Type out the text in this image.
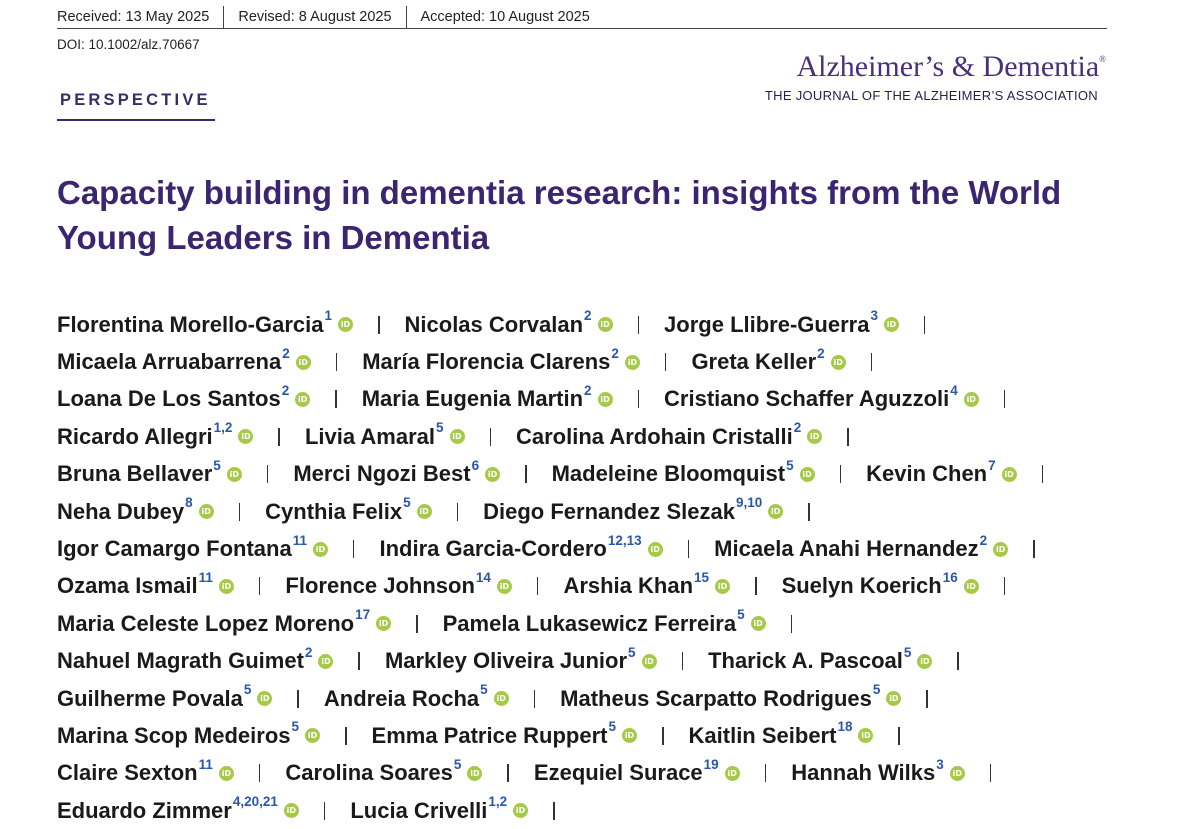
Received: 13 May 2025	Revised: 8 August 2025	Accepted: 10 August 2025
DOI: 10.1002/alz.70667
PERSPECTIVE
Alzheimer’s & Dementia®
THE JOURNAL OF THE ALZHEIMER’S ASSOCIATION
Capacity building in dementia research: insights from the World Young Leaders in Dementia
Florentina Morello-Garcia$^1$
iD Nicolas Corvalan$^2$
iD Jorge Llibre-Guerra$^3$
iD
Micaela Arruabarrena$^2$
iD María Florencia Clarens$^2$
iD Greta Keller$^2$
iD
Loana De Los Santos$^2$
iD Maria Eugenia Martin$^2$
iD Cristiano Schaffer Aguzzoli$^4$
iD
Ricardo Allegri$^{1,2}$
iD Livia Amaral$^5$
iD Carolina Ardohain Cristalli$^2$
iD
Bruna Bellaver$^5$
iD Merci Ngozi Best$^6$
iD Madeleine Bloomquist$^5$
iD Kevin Chen$^7$
iD
Neha Dubey$^8$
iD Cynthia Felix$^5$
iD Diego Fernandez Slezak$^{9,10}$
iD
Igor Camargo Fontana$^{11}$
iD Indira Garcia-Cordero$^{12,13}$
iD Micaela Anahi Hernandez$^2$
iD
Ozama Ismail$^{11}$
iD Florence Johnson$^{14}$
iD Arshia Khan$^{15}$
iD Suelyn Koerich$^{16}$
iD
Maria Celeste Lopez Moreno$^{17}$
iD Pamela Lukasewicz Ferreira$^5$
iD
Nahuel Magrath Guimet$^2$
iD Markley Oliveira Junior$^5$
iD Tharick A. Pascoal$^5$
iD
Guilherme Povala$^5$
iD Andreia Rocha$^5$
iD Matheus Scarpatto Rodrigues$^5$
iD
Marina Scop Medeiros$^5$
iD Emma Patrice Ruppert$^5$
iD Kaitlin Seibert$^{18}$
iD
Claire Sexton$^{11}$
iD Carolina Soares$^5$
iD Ezequiel Surace$^{19}$
iD Hannah Wilks$^3$
iD
Eduardo Zimmer$^{4,20,21}$
iD Lucia Crivelli$^{1,2}$
iD
